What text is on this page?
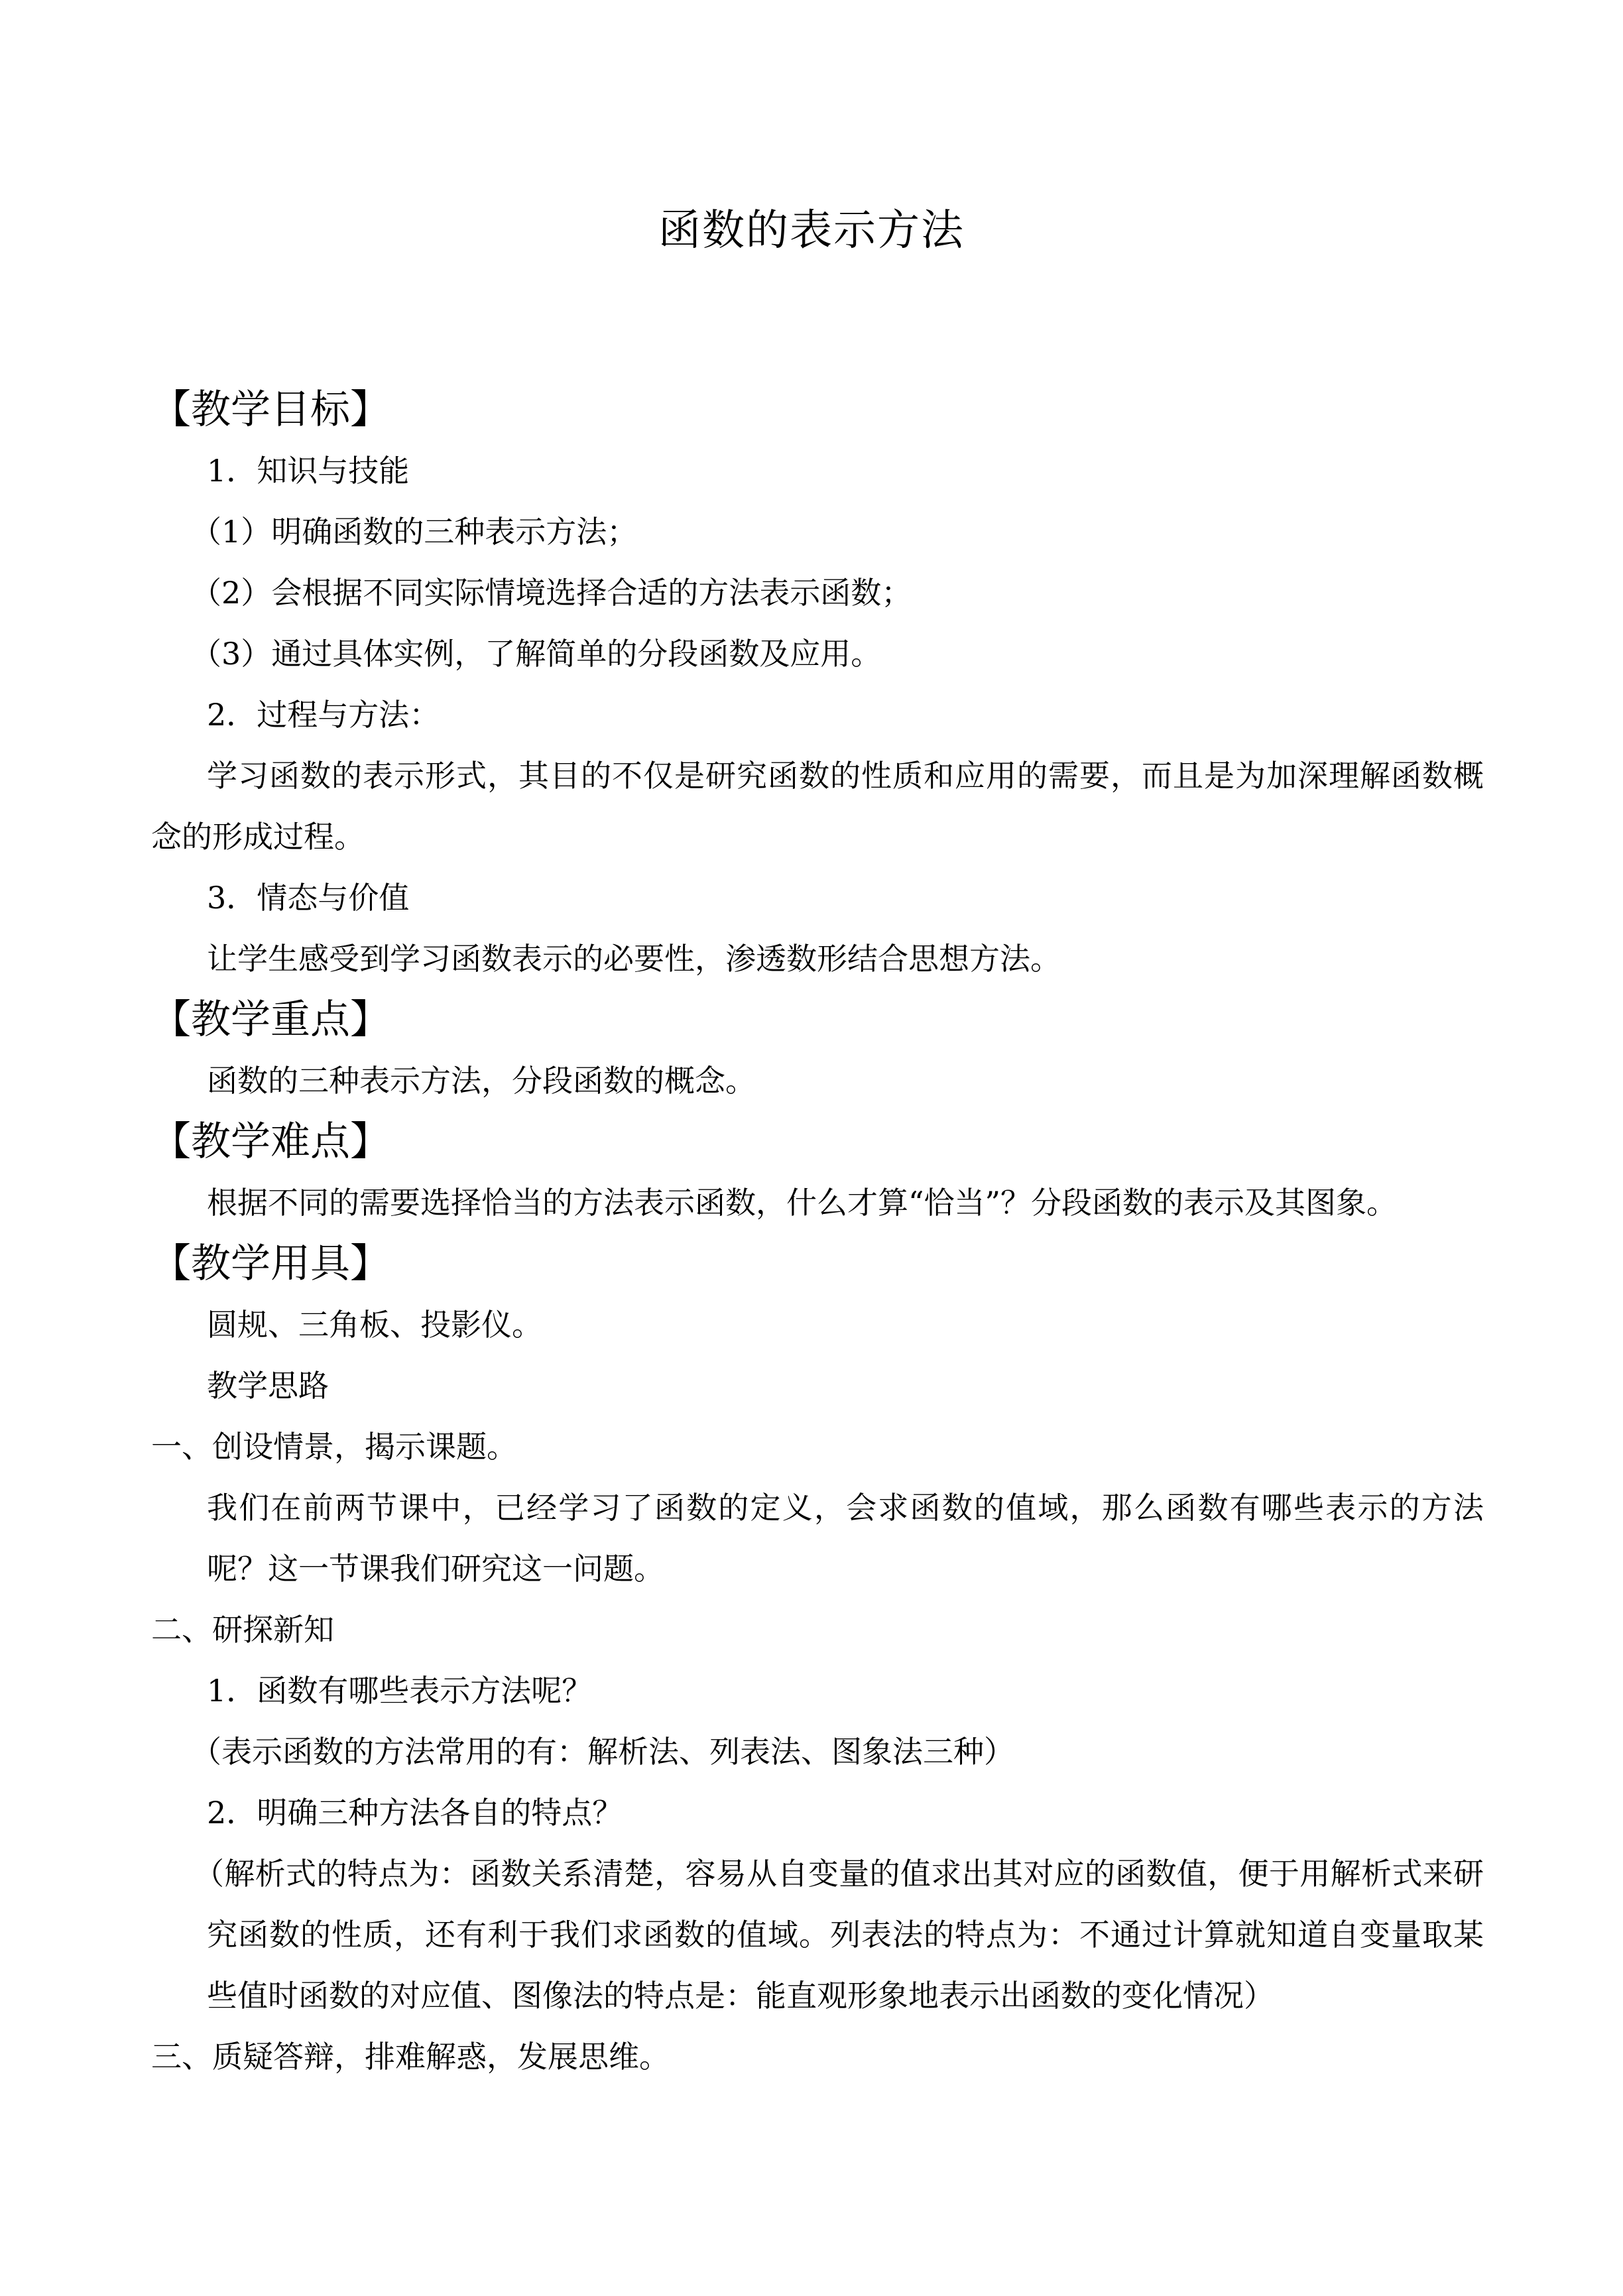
函数的表示方法
【教学目标】

1．知识与技能

（1）明确函数的三种表示方法；

（2）会根据不同实际情境选择合适的方法表示函数；

（3）通过具体实例，了解简单的分段函数及应用。

2．过程与方法：

学习函数的表示形式，其目的不仅是研究函数的性质和应用的需要，而且是为加深理解函数概念的形成过程。

3．情态与价值

让学生感受到学习函数表示的必要性，渗透数形结合思想方法。

【教学重点】

函数的三种表示方法，分段函数的概念。

【教学难点】

根据不同的需要选择恰当的方法表示函数，什么才算“恰当”？分段函数的表示及其图象。

【教学用具】

圆规、三角板、投影仪。

教学思路

一、创设情景，揭示课题。

我们在前两节课中，已经学习了函数的定义，会求函数的值域，那么函数有哪些表示的方法呢？这一节课我们研究这一问题。

二、研探新知

1．函数有哪些表示方法呢？

（表示函数的方法常用的有：解析法、列表法、图象法三种）

2．明确三种方法各自的特点？

（解析式的特点为：函数关系清楚，容易从自变量的值求出其对应的函数值，便于用解析式来研究函数的性质，还有利于我们求函数的值域。列表法的特点为：不通过计算就知道自变量取某些值时函数的对应值、图像法的特点是：能直观形象地表示出函数的变化情况）

三、质疑答辩，排难解惑，发展思维。
